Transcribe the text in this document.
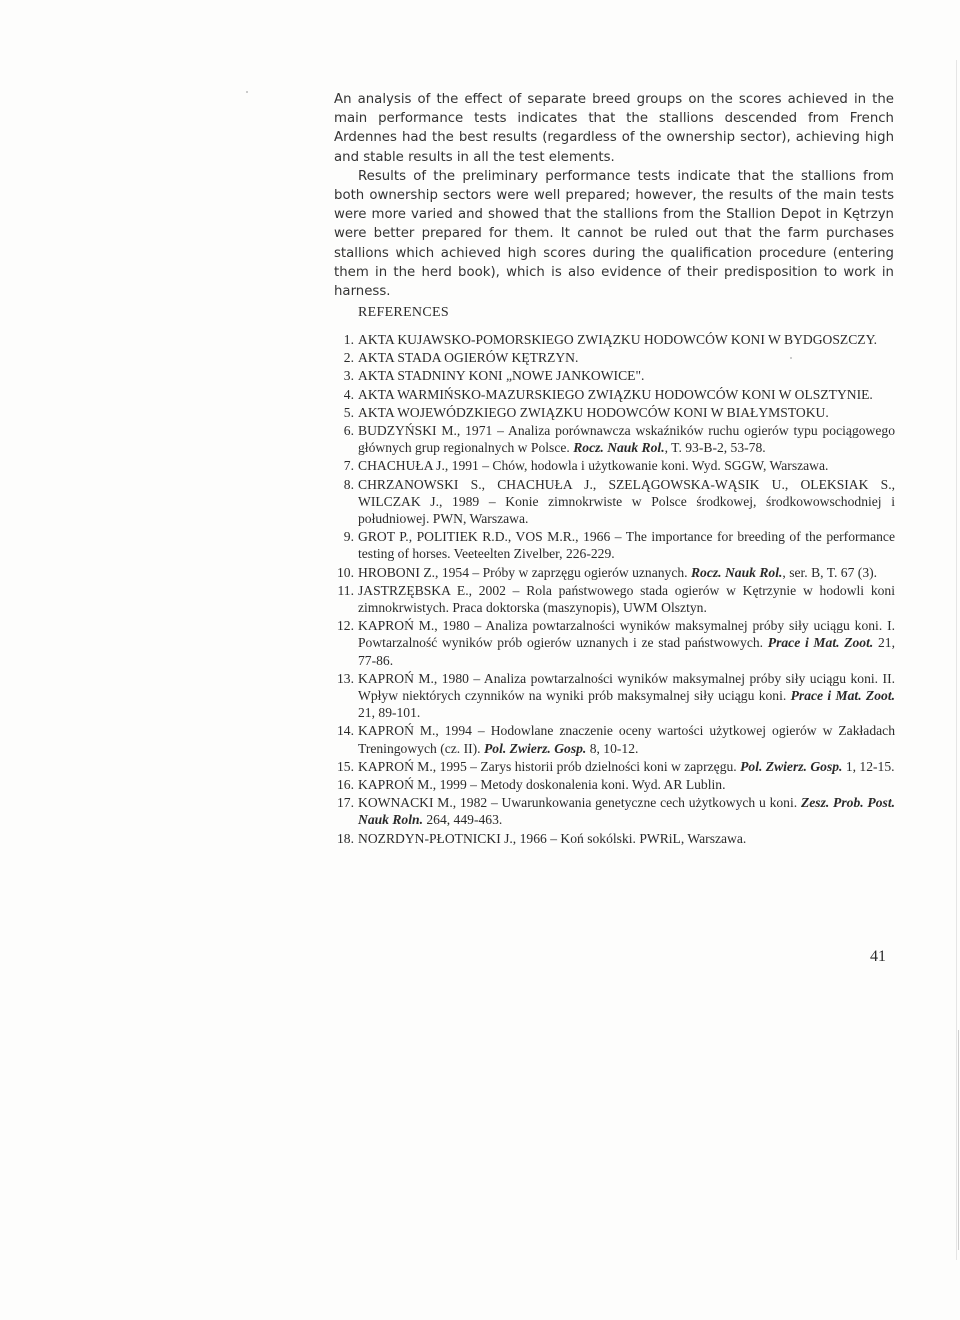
An analysis of the effect of separate breed groups on the scores achieved in the main performance tests indicates that the stallions descended from French Ardennes had the best results (regardless of the ownership sector), achieving high and stable results in all the test elements.

Results of the preliminary performance tests indicate that the stallions from both ownership sectors were well prepared; however, the results of the main tests were more varied and showed that the stallions from the Stallion Depot in Kętrzyn were better prepared for them. It cannot be ruled out that the farm purchases stallions which achieved high scores during the qualification procedure (entering them in the herd book), which is also evidence of their predisposition to work in harness.

REFERENCES
1. AKTA KUJAWSKO-POMORSKIEGO ZWIĄZKU HODOWCÓW KONI W BYDGOSZCZY.
2. AKTA STADA OGIERÓW KĘTRZYN.
3. AKTA STADNINY KONI „NOWE JANKOWICE".
4. AKTA WARMIŃSKO-MAZURSKIEGO ZWIĄZKU HODOWCÓW KONI W OLSZTYNIE.
5. AKTA WOJEWÓDZKIEGO ZWIĄZKU HODOWCÓW KONI W BIAŁYMSTOKU.
6. BUDZYŃSKI M., 1971 – Analiza porównawcza wskaźników ruchu ogierów typu pociągowego głównych grup regionalnych w Polsce. Rocz. Nauk Rol., T. 93-B-2, 53-78.
7. CHACHUŁA J., 1991 – Chów, hodowla i użytkowanie koni. Wyd. SGGW, Warszawa.
8. CHRZANOWSKI S., CHACHUŁA J., SZELĄGOWSKA-WĄSIK U., OLEKSIAK S., WILCZAK J., 1989 – Konie zimnokrwiste w Polsce środkowej, środkowowschodniej i południowej. PWN, Warszawa.
9. GROT P., POLITIEK R.D., VOS M.R., 1966 – The importance for breeding of the performance testing of horses. Veeteelten Zivelber, 226-229.
10. HROBONI Z., 1954 – Próby w zaprzęgu ogierów uznanych. Rocz. Nauk Rol., ser. B, T. 67 (3).
11. JASTRZĘBSKA E., 2002 – Rola państwowego stada ogierów w Kętrzynie w hodowli koni zimnokrwistych. Praca doktorska (maszynopis), UWM Olsztyn.
12. KAPROŃ M., 1980 – Analiza powtarzalności wyników maksymalnej próby siły uciągu koni. I. Powtarzalność wyników prób ogierów uznanych i ze stad państwowych. Prace i Mat. Zoot. 21, 77-86.
13. KAPROŃ M., 1980 – Analiza powtarzalności wyników maksymalnej próby siły uciągu koni. II. Wpływ niektórych czynników na wyniki prób maksymalnej siły uciągu koni. Prace i Mat. Zoot. 21, 89-101.
14. KAPROŃ M., 1994 – Hodowlane znaczenie oceny wartości użytkowej ogierów w Zakładach Treningowych (cz. II). Pol. Zwierz. Gosp. 8, 10-12.
15. KAPROŃ M., 1995 – Zarys historii prób dzielności koni w zaprzęgu. Pol. Zwierz. Gosp. 1, 12-15.
16. KAPROŃ M., 1999 – Metody doskonalenia koni. Wyd. AR Lublin.
17. KOWNACKI M., 1982 – Uwarunkowania genetyczne cech użytkowych u koni. Zesz. Prob. Post. Nauk Roln. 264, 449-463.
18. NOZRDYN-PŁOTNICKI J., 1966 – Koń sokólski. PWRiL, Warszawa.
41
